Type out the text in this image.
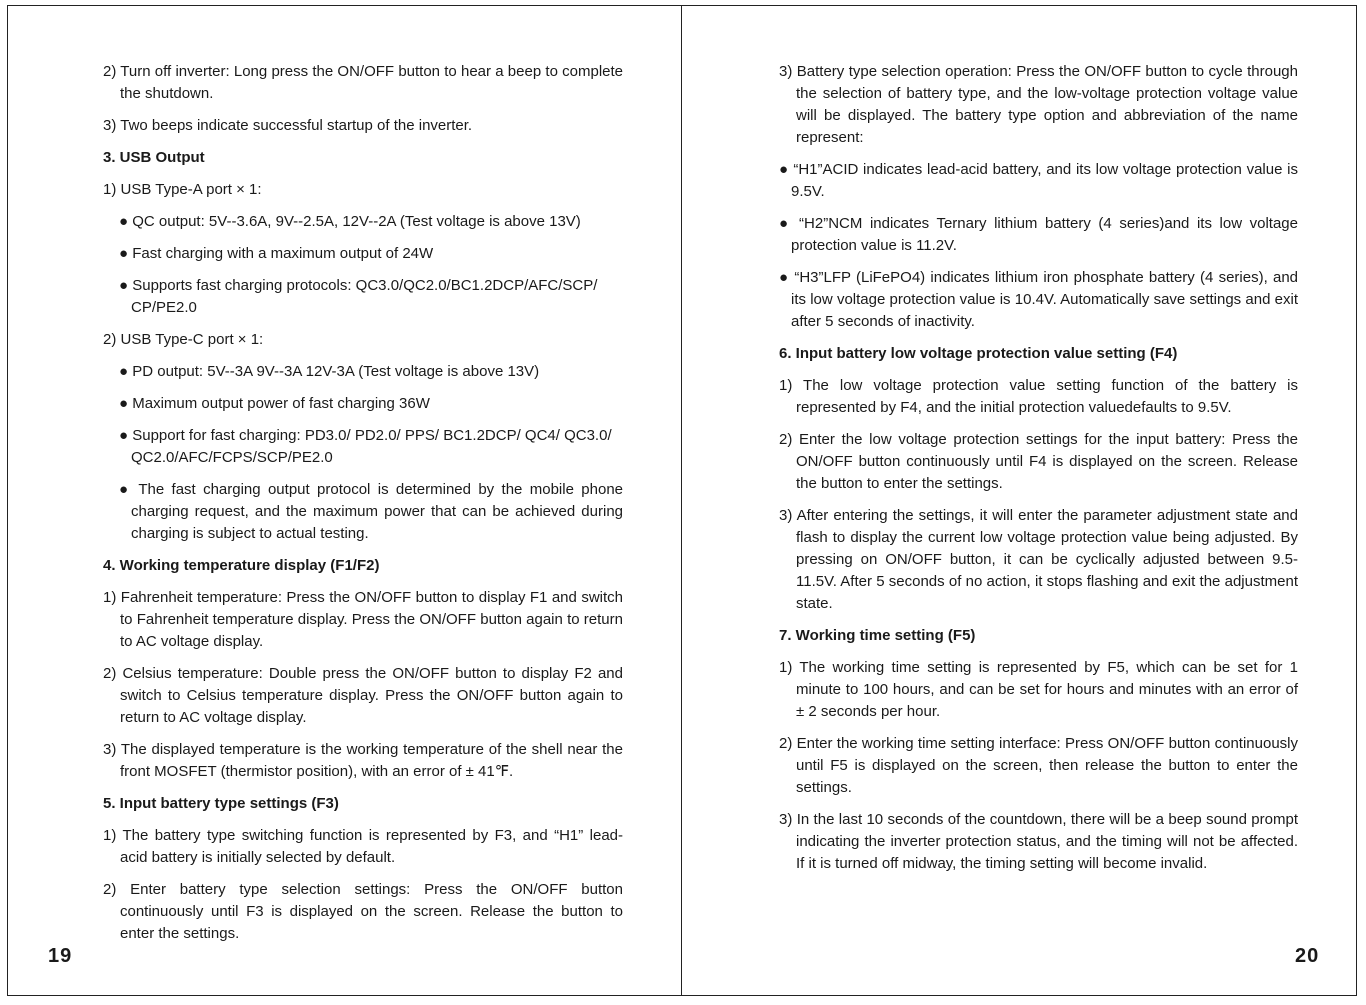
2) Turn off inverter: Long press the ON/OFF button to hear a beep to complete the shutdown.

3) Two beeps indicate successful startup of the inverter.

3. USB Output

1) USB Type-A port × 1:

● QC output: 5V--3.6A, 9V--2.5A, 12V--2A (Test voltage is above 13V)

● Fast charging with a maximum output of 24W

● Supports fast charging protocols: QC3.0/QC2.0/BC1.2DCP/AFC/SCP/ CP/PE2.0

2) USB Type-C port × 1:

● PD output: 5V--3A 9V--3A 12V-3A (Test voltage is above 13V)

● Maximum output power of fast charging 36W

● Support for fast charging: PD3.0/ PD2.0/ PPS/ BC1.2DCP/ QC4/ QC3.0/ QC2.0/AFC/FCPS/SCP/PE2.0

● The fast charging output protocol is determined by the mobile phone charging request, and the maximum power that can be achieved during charging is subject to actual testing.

4. Working temperature display (F1/F2)

1) Fahrenheit temperature: Press the ON/OFF button to display F1 and switch to Fahrenheit temperature display. Press the ON/OFF button again to return to AC voltage display.

2) Celsius temperature: Double press the ON/OFF button to display F2 and switch to Celsius temperature display. Press the ON/OFF button again to return to AC voltage display.

3) The displayed temperature is the working temperature of the shell near the front MOSFET (thermistor position), with an error of ± 41℉.

5. Input battery type settings (F3)

1) The battery type switching function is represented by F3, and “H1” lead-acid battery is initially selected by default.

2) Enter battery type selection settings: Press the ON/OFF button continuously until F3 is displayed on the screen. Release the button to enter the settings.

19

3) Battery type selection operation: Press the ON/OFF button to cycle through the selection of battery type, and the low-voltage protection voltage value will be displayed. The battery type option and abbreviation of the name represent:

● “H1”ACID indicates lead-acid battery, and its low voltage protection value is 9.5V.

● “H2”NCM indicates Ternary lithium battery (4 series)and its low voltage protection value is 11.2V.

● “H3”LFP (LiFePO4) indicates lithium iron phosphate battery (4 series), and its low voltage protection value is 10.4V. Automatically save settings and exit after 5 seconds of inactivity.

6. Input battery low voltage protection value setting (F4)

1) The low voltage protection value setting function of the battery is represented by F4, and the initial protection valuedefaults to 9.5V.

2) Enter the low voltage protection settings for the input battery: Press the ON/OFF button continuously until F4 is displayed on the screen. Release the button to enter the settings.

3) After entering the settings, it will enter the parameter adjustment state and flash to display the current low voltage protection value being adjusted. By pressing on ON/OFF button, it can be cyclically adjusted between 9.5-11.5V. After 5 seconds of no action, it stops flashing and exit the adjustment state.

7. Working time setting (F5)

1) The working time setting is represented by F5, which can be set for 1 minute to 100 hours, and can be set for hours and minutes with an error of ± 2 seconds per hour.

2) Enter the working time setting interface: Press ON/OFF button continuously until F5 is displayed on the screen, then release the button to enter the settings.

3) In the last 10 seconds of the countdown, there will be a beep sound prompt indicating the inverter protection status, and the timing will not be affected. If it is turned off midway, the timing setting will become invalid.

20
